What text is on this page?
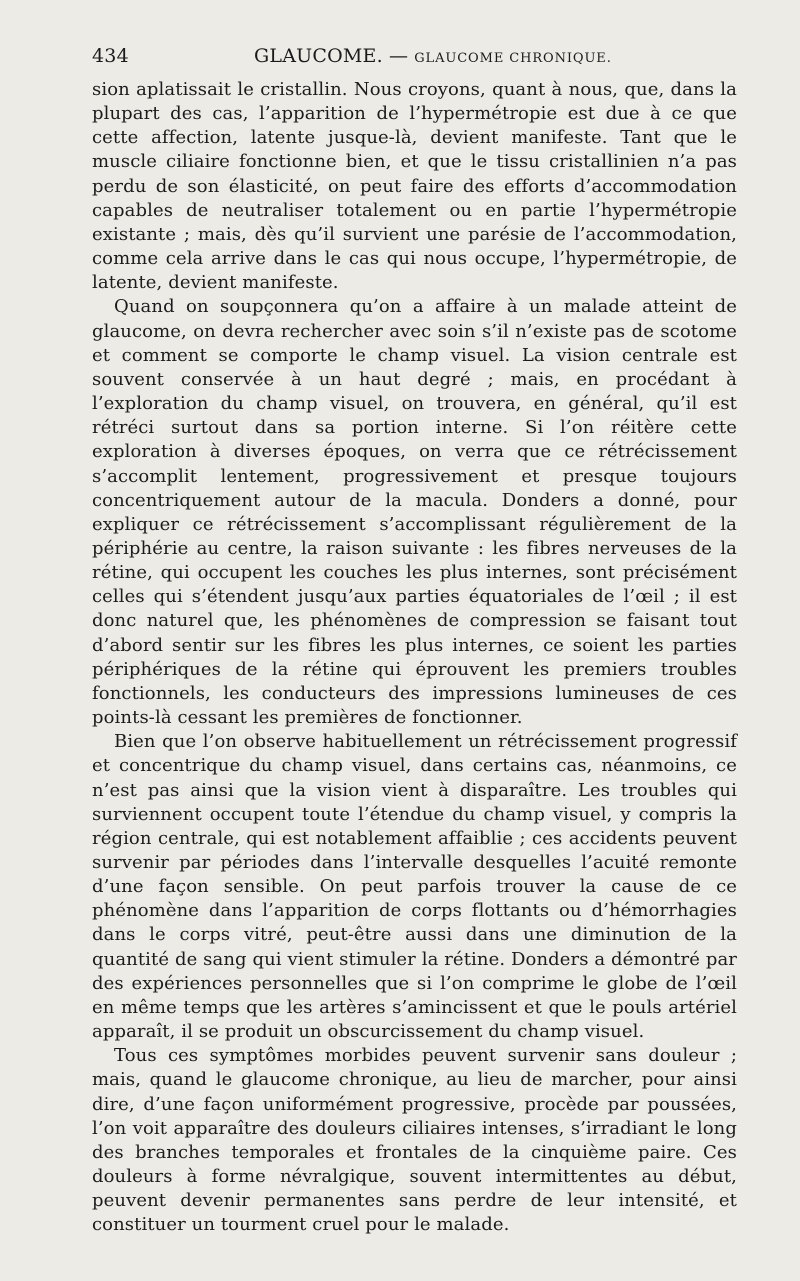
434	GLAUCOME. — GLAUCOME CHRONIQUE.

sion aplatissait le cristallin. Nous croyons, quant à nous, que, dans la plupart des cas, l’apparition de l’hypermétropie est due à ce que cette affection, latente jusque-là, devient manifeste. Tant que le muscle ciliaire fonctionne bien, et que le tissu cristallinien n’a pas perdu de son élasticité, on peut faire des efforts d’accommodation capables de neutraliser totalement ou en partie l’hypermétropie existante ; mais, dès qu’il survient une parésie de l’accommodation, comme cela arrive dans le cas qui nous occupe, l’hypermétropie, de latente, devient manifeste.

Quand on soupçonnera qu’on a affaire à un malade atteint de glaucome, on devra rechercher avec soin s’il n’existe pas de scotome et comment se comporte le champ visuel. La vision centrale est souvent conservée à un haut degré ; mais, en procédant à l’exploration du champ visuel, on trouvera, en général, qu’il est rétréci surtout dans sa portion interne. Si l’on réitère cette exploration à diverses époques, on verra que ce rétrécissement s’accomplit lentement, progressivement et presque toujours concentriquement autour de la macula. Donders a donné, pour expliquer ce rétrécissement s’accomplissant régulièrement de la périphérie au centre, la raison suivante : les fibres nerveuses de la rétine, qui occupent les couches les plus internes, sont précisément celles qui s’étendent jusqu’aux parties équatoriales de l’œil ; il est donc naturel que, les phénomènes de compression se faisant tout d’abord sentir sur les fibres les plus internes, ce soient les parties périphériques de la rétine qui éprouvent les premiers troubles fonctionnels, les conducteurs des impressions lumineuses de ces points-là cessant les premières de fonctionner.

Bien que l’on observe habituellement un rétrécissement progressif et concentrique du champ visuel, dans certains cas, néanmoins, ce n’est pas ainsi que la vision vient à disparaître. Les troubles qui surviennent occupent toute l’étendue du champ visuel, y compris la région centrale, qui est notablement affaiblie ; ces accidents peuvent survenir par périodes dans l’intervalle desquelles l’acuité remonte d’une façon sensible. On peut parfois trouver la cause de ce phénomène dans l’apparition de corps flottants ou d’hémorrhagies dans le corps vitré, peut-être aussi dans une diminution de la quantité de sang qui vient stimuler la rétine. Donders a démontré par des expériences personnelles que si l’on comprime le globe de l’œil en même temps que les artères s’amincissent et que le pouls artériel apparaît, il se produit un obscurcissement du champ visuel.

Tous ces symptômes morbides peuvent survenir sans douleur ; mais, quand le glaucome chronique, au lieu de marcher, pour ainsi dire, d’une façon uniformément progressive, procède par poussées, l’on voit apparaître des douleurs ciliaires intenses, s’irradiant le long des branches temporales et frontales de la cinquième paire. Ces douleurs à forme névralgique, souvent intermittentes au début, peuvent devenir permanentes sans perdre de leur intensité, et constituer un tourment cruel pour le malade.
